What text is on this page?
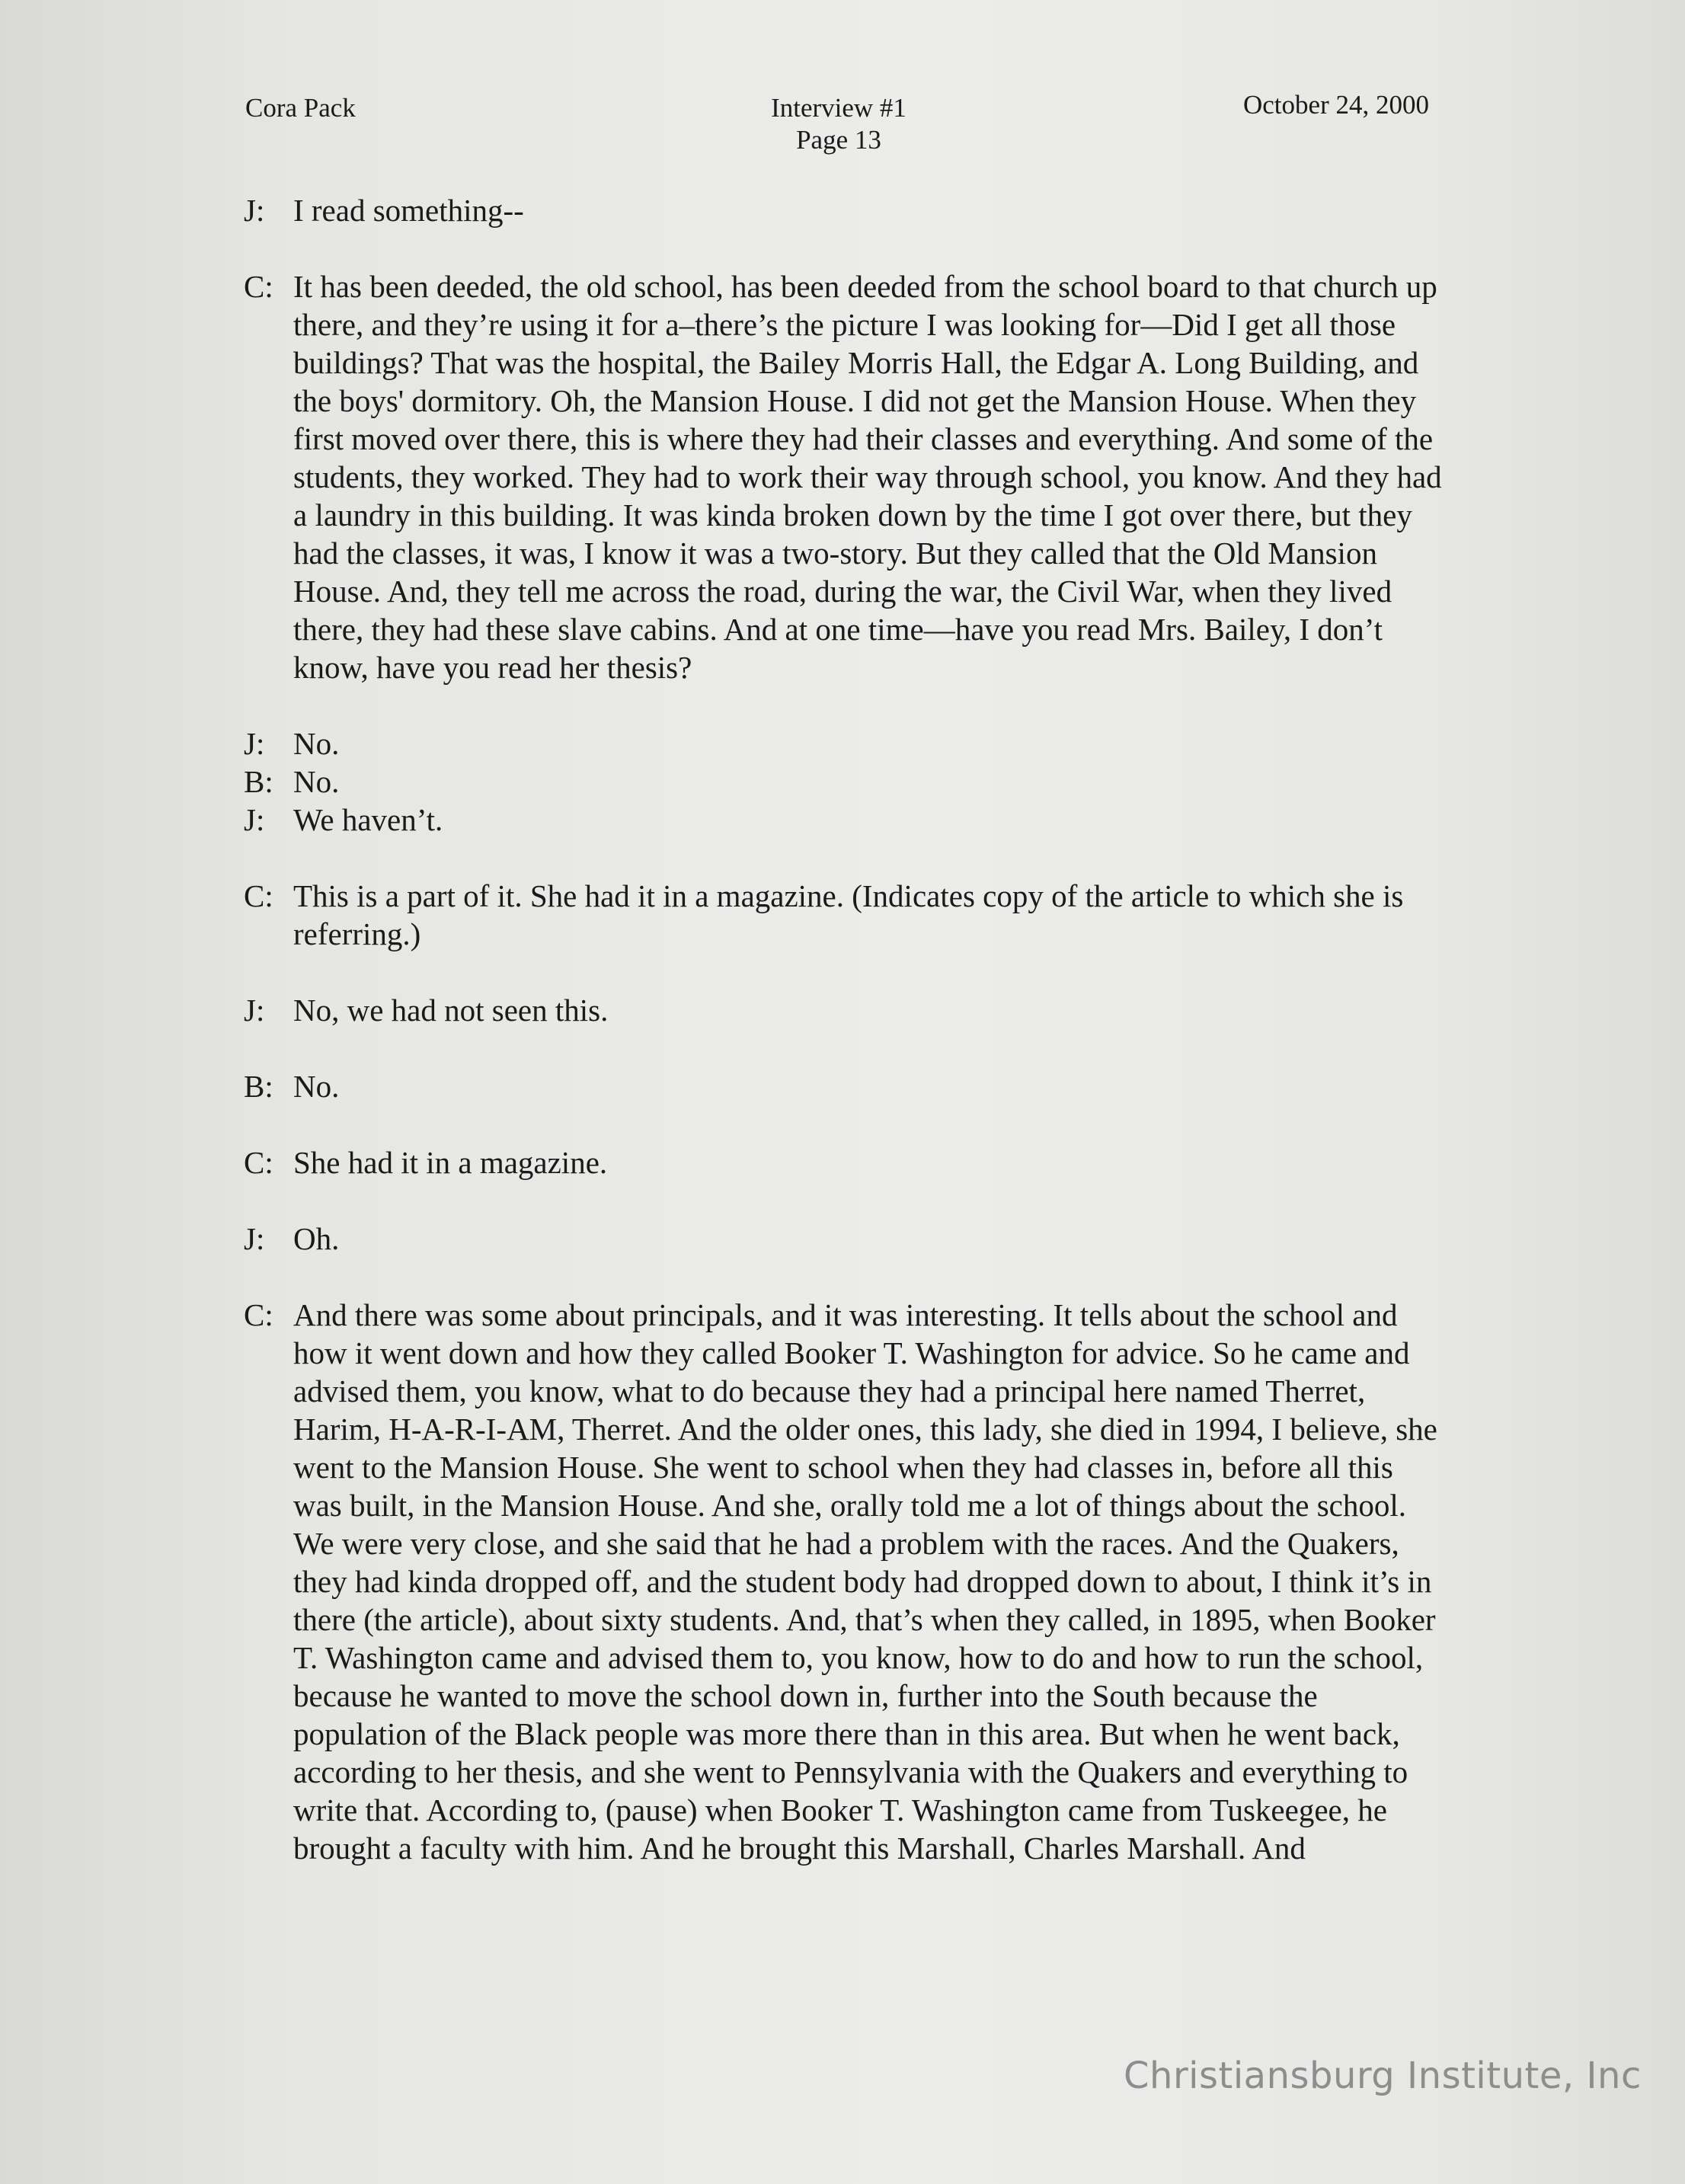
Cora Pack	Interview #1
Page 13
October 24, 2000
J: I read something--
C: It has been deeded, the old school, has been deeded from the school board to that church up there, and they’re using it for a–there’s the picture I was looking for—Did I get all those buildings? That was the hospital, the Bailey Morris Hall, the Edgar A. Long Building, and the boys' dormitory. Oh, the Mansion House. I did not get the Mansion House. When they first moved over there, this is where they had their classes and everything. And some of the students, they worked. They had to work their way through school, you know. And they had a laundry in this building. It was kinda broken down by the time I got over there, but they had the classes, it was, I know it was a two-story. But they called that the Old Mansion House. And, they tell me across the road, during the war, the Civil War, when they lived there, they had these slave cabins. And at one time—have you read Mrs. Bailey, I don’t know, have you read her thesis?
J: No.
B: No.
J: We haven’t.
C: This is a part of it. She had it in a magazine. (Indicates copy of the article to which she is referring.)
J: No, we had not seen this.
B: No.
C: She had it in a magazine.
J: Oh.
C: And there was some about principals, and it was interesting. It tells about the school and how it went down and how they called Booker T. Washington for advice. So he came and advised them, you know, what to do because they had a principal here named Therret, Harim, H-A-R-I-AM, Therret. And the older ones, this lady, she died in 1994, I believe, she went to the Mansion House. She went to school when they had classes in, before all this was built, in the Mansion House. And she, orally told me a lot of things about the school. We were very close, and she said that he had a problem with the races. And the Quakers, they had kinda dropped off, and the student body had dropped down to about, I think it’s in there (the article), about sixty students. And, that’s when they called, in 1895, when Booker T. Washington came and advised them to, you know, how to do and how to run the school, because he wanted to move the school down in, further into the South because the population of the Black people was more there than in this area. But when he went back, according to her thesis, and she went to Pennsylvania with the Quakers and everything to write that. According to, (pause) when Booker T. Washington came from Tuskeegee, he brought a faculty with him. And he brought this Marshall, Charles Marshall. And
Christiansburg Institute, Inc
